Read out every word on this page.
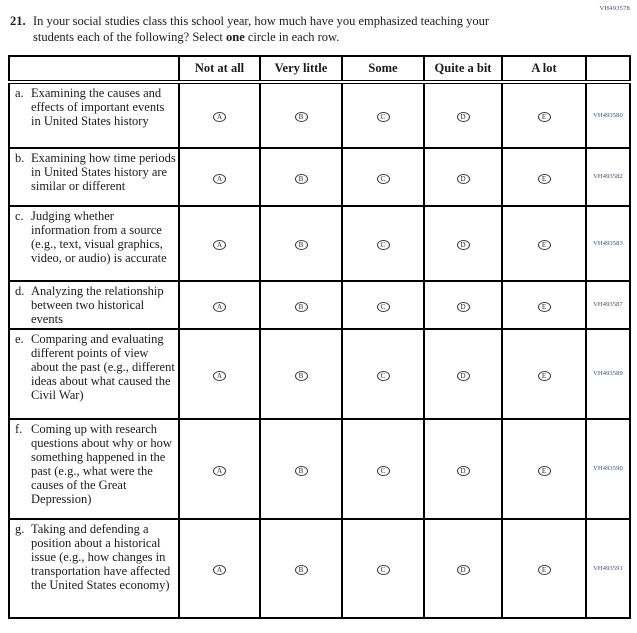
VH493578
21. In your social studies class this school year, how much have you emphasized teaching your students each of the following? Select one circle in each row.

	Not at all	Very little	Some	Quite a bit	A lot	

a. Examining the causes and effects of important events in United States history	A	B	C	D	E	VH493580

b. Examining how time periods in United States history are similar or different	A	B	C	D	E	VH493582

c. Judging whether information from a source (e.g., text, visual graphics, video, or audio) is accurate	A	B	C	D	E	VH493583

d. Analyzing the relationship between two historical events	A	B	C	D	E	VH493587

e. Comparing and evaluating different points of view about the past (e.g., different ideas about what caused the Civil War)	A	B	C	D	E	VH493589

f. Coming up with research questions about why or how something happened in the past (e.g., what were the causes of the Great Depression)	A	B	C	D	E	VH493590

g. Taking and defending a position about a historical issue (e.g., how changes in transportation have affected the United States economy)	A	B	C	D	E	VH493591
